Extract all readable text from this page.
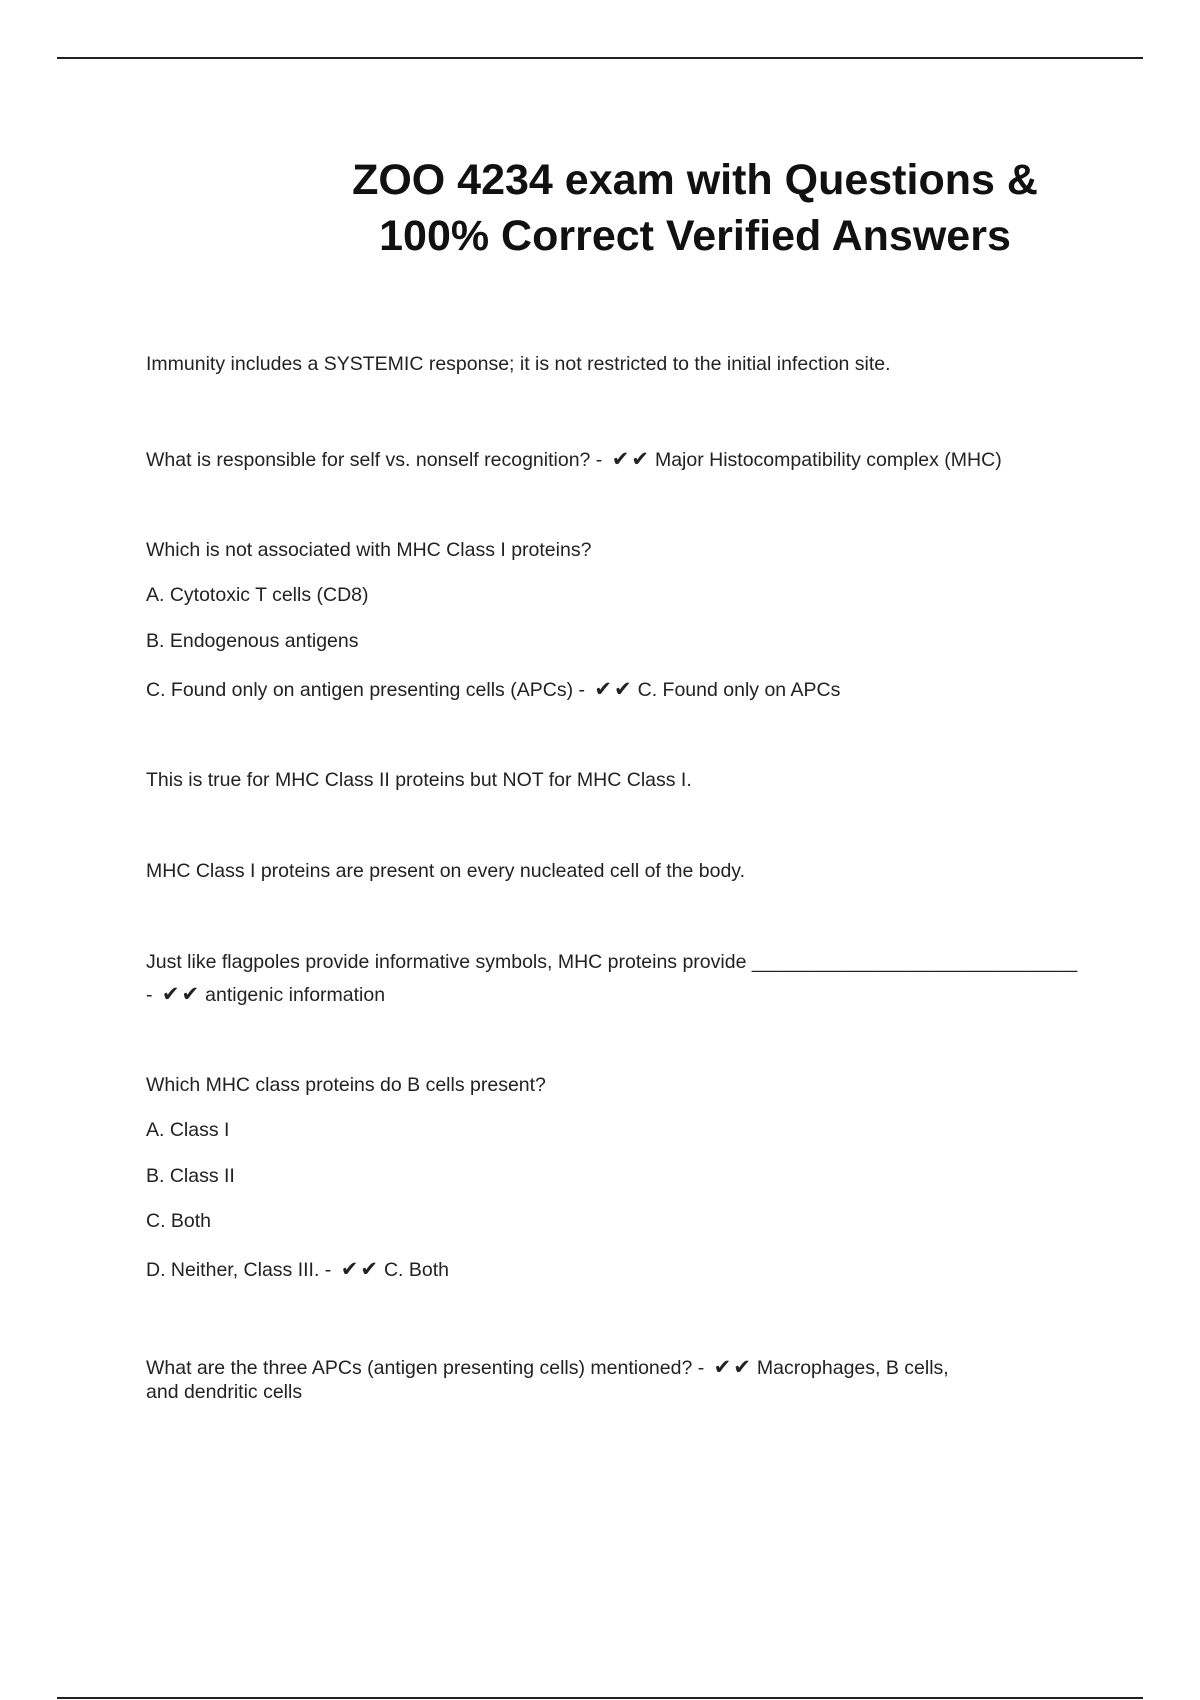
ZOO 4234 exam with Questions &
100% Correct Verified Answers
Immunity includes a SYSTEMIC response; it is not restricted to the initial infection site.
What is responsible for self vs. nonself recognition? - ✔✔ Major Histocompatibility complex (MHC)
Which is not associated with MHC Class I proteins?
A. Cytotoxic T cells (CD8)
B. Endogenous antigens
C. Found only on antigen presenting cells (APCs) - ✔✔ C. Found only on APCs
This is true for MHC Class II proteins but NOT for MHC Class I.
MHC Class I proteins are present on every nucleated cell of the body.
Just like flagpoles provide informative symbols, MHC proteins provide ______________________________
- ✔✔ antigenic information
Which MHC class proteins do B cells present?
A. Class I
B. Class II
C. Both
D. Neither, Class III. - ✔✔ C. Both
What are the three APCs (antigen presenting cells) mentioned? - ✔✔ Macrophages, B cells,
and dendritic cells
